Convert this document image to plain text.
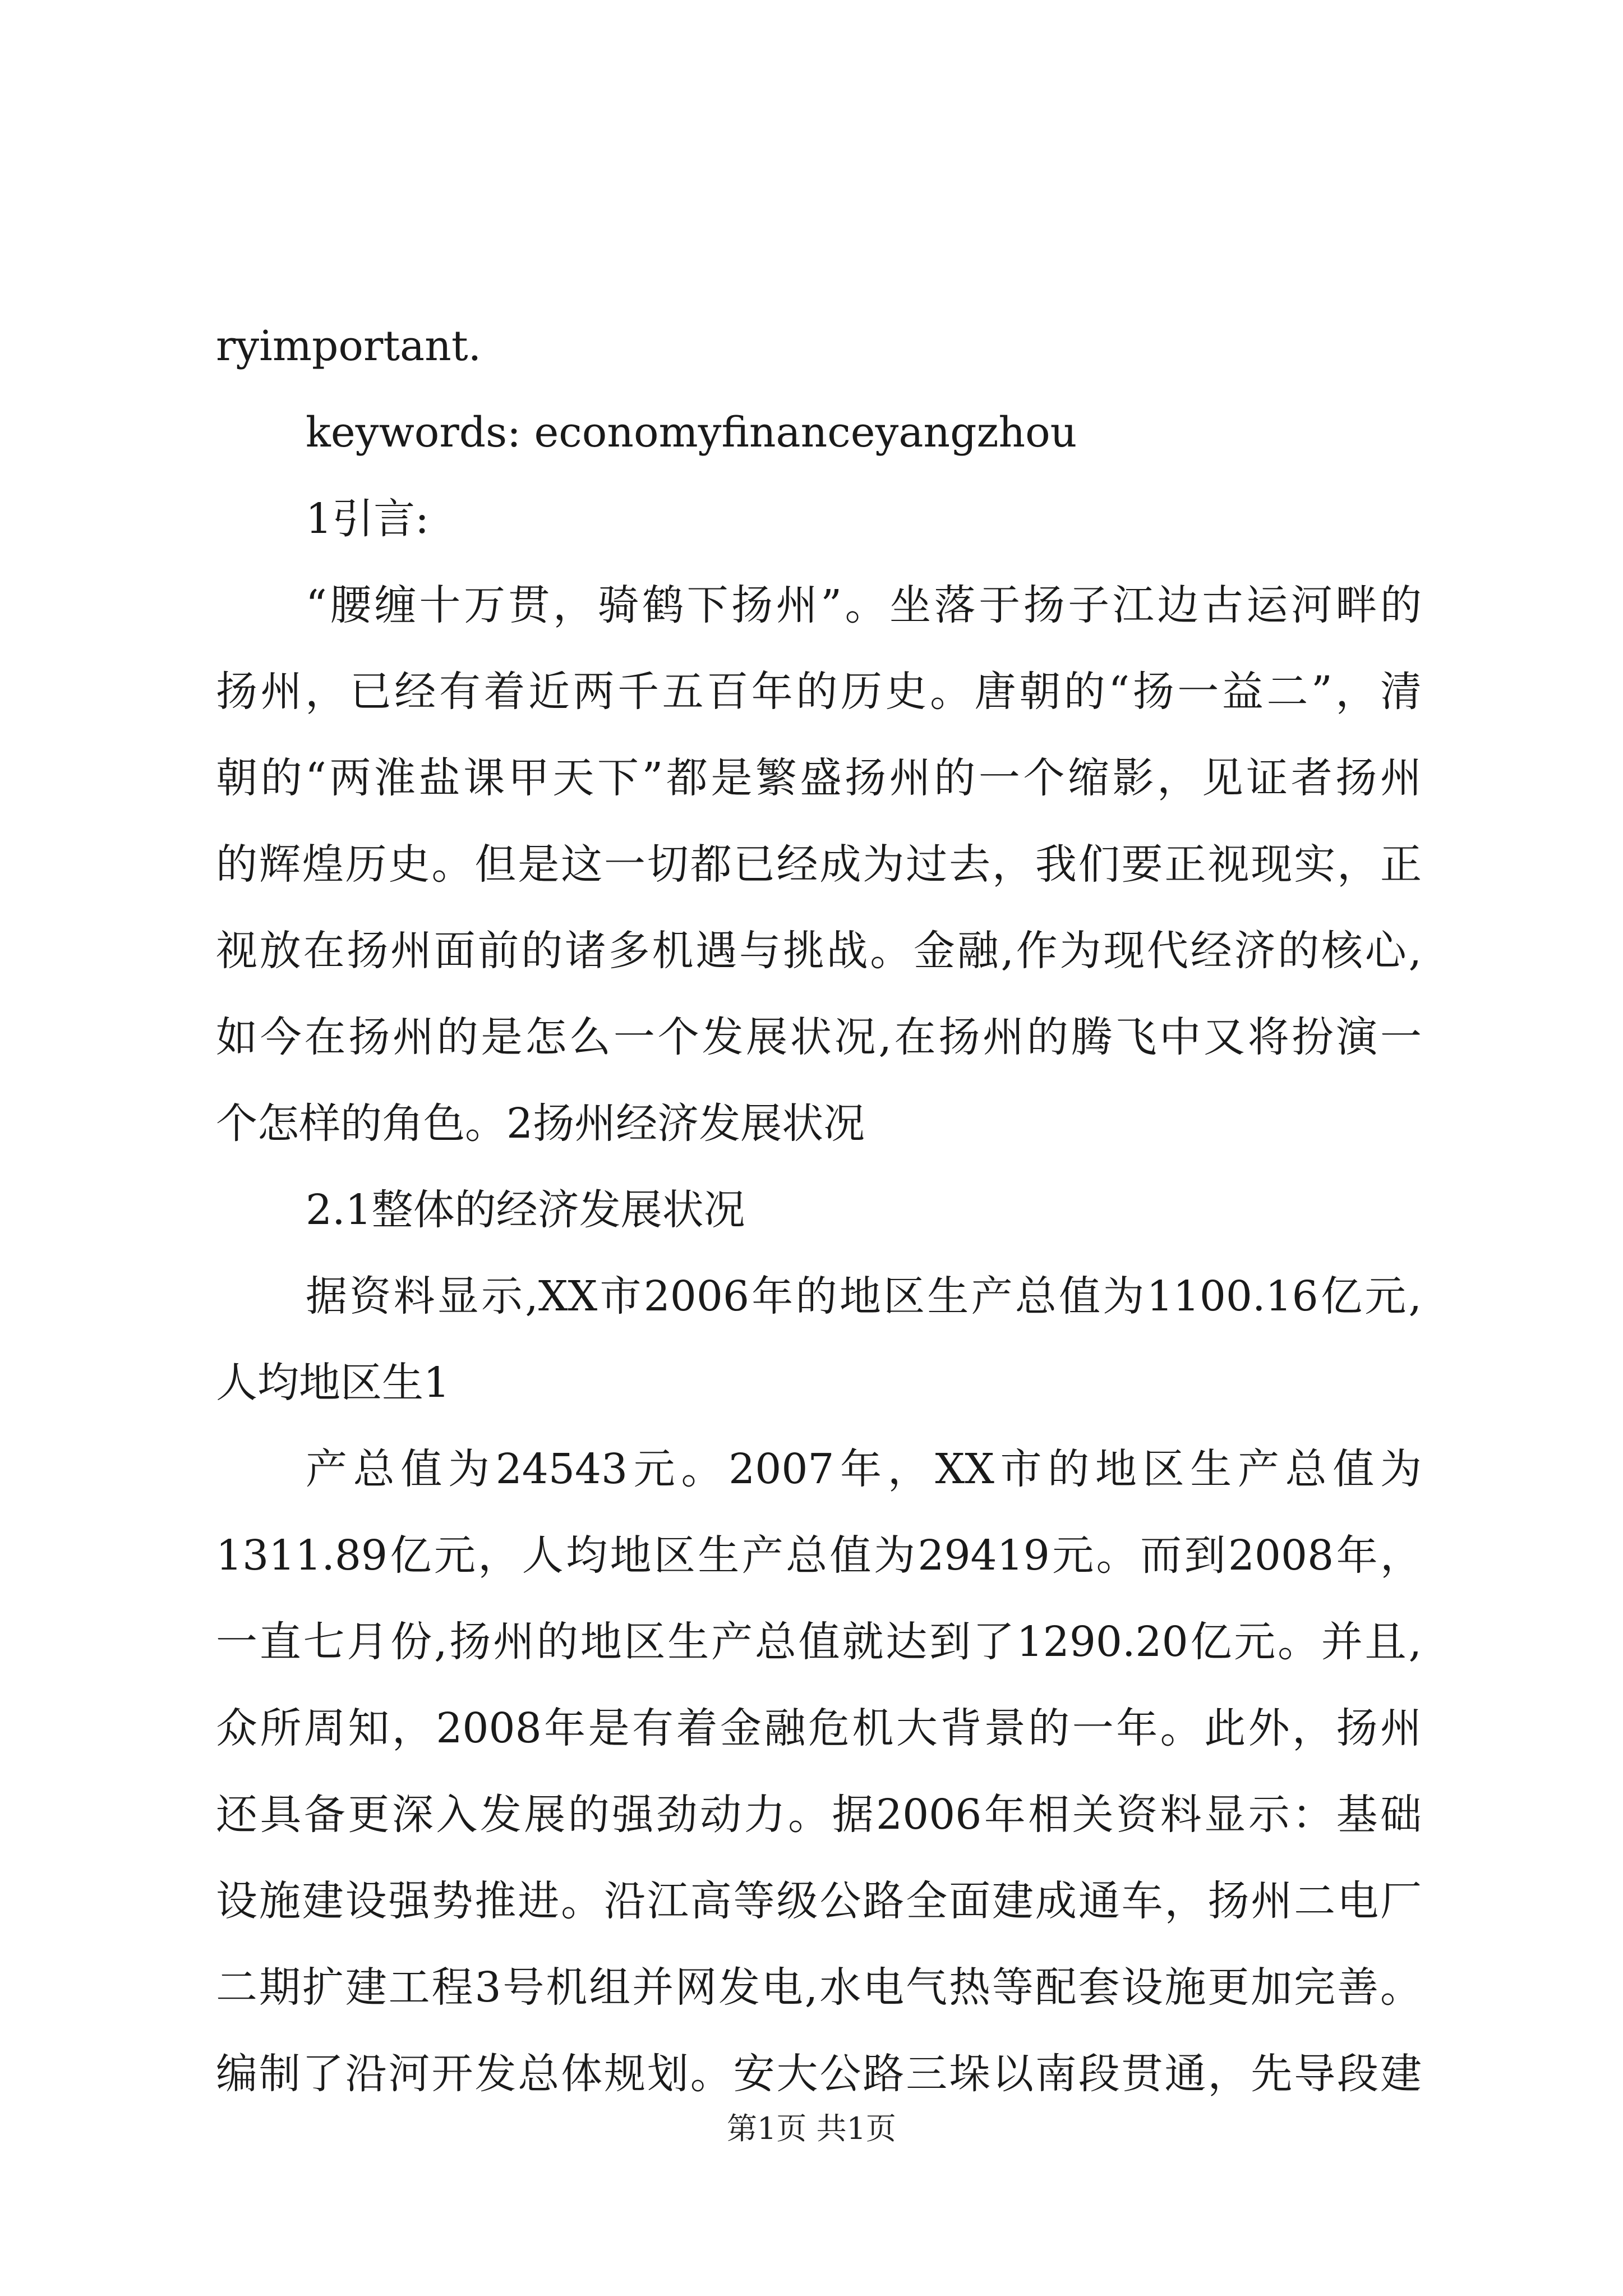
ryimportant.
keywords: economyfinanceyangzhou
1引言:
“腰缠十万贯，骑鹤下扬州”。坐落于扬子江边古运河畔的
扬州，已经有着近两千五百年的历史。唐朝的“扬一益二”，清
朝的“两淮盐课甲天下”都是繁盛扬州的一个缩影，见证者扬州
的辉煌历史。但是这一切都已经成为过去，我们要正视现实，正
视放在扬州面前的诸多机遇与挑战。金融,作为现代经济的核心,
如今在扬州的是怎么一个发展状况,在扬州的腾飞中又将扮演一
个怎样的角色。2扬州经济发展状况
2.1整体的经济发展状况
据资料显示,XX市2006年的地区生产总值为1100.16亿元,
人均地区生1
产总值为24543元。2007年，XX市的地区生产总值为
1311.89亿元，人均地区生产总值为29419元。而到2008年，
一直七月份,扬州的地区生产总值就达到了1290.20亿元。并且,
众所周知，2008年是有着金融危机大背景的一年。此外，扬州
还具备更深入发展的强劲动力。据2006年相关资料显示：基础
设施建设强势推进。沿江高等级公路全面建成通车，扬州二电厂
二期扩建工程3号机组并网发电,水电气热等配套设施更加完善。
编制了沿河开发总体规划。安大公路三垛以南段贯通，先导段建
第1页 共1页
